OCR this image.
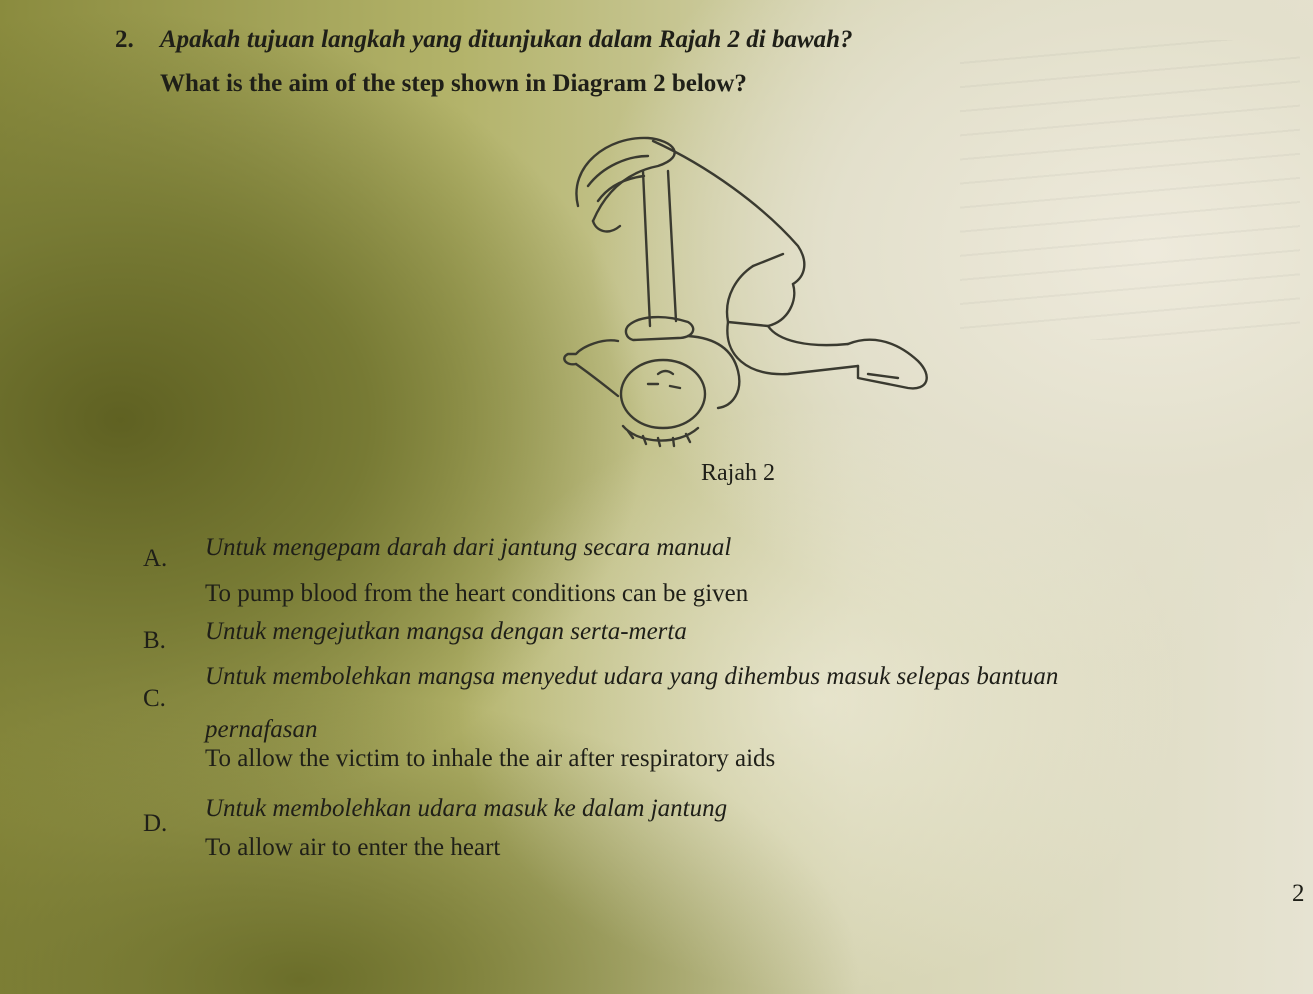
2. Apakah tujuan langkah yang ditunjukan dalam Rajah 2 di bawah?
What is the aim of the step shown in Diagram 2 below?
Rajah 2
A. Untuk mengepam darah dari jantung secara manual
To pump blood from the heart conditions can be given
B. Untuk mengejutkan mangsa dengan serta-merta
C.
Untuk membolehkan mangsa menyedut udara yang dihembus masuk selepas bantuan
pernafasan
To allow the victim to inhale the air after respiratory aids
D.
Untuk membolehkan udara masuk ke dalam jantung
To allow air to enter the heart
2
